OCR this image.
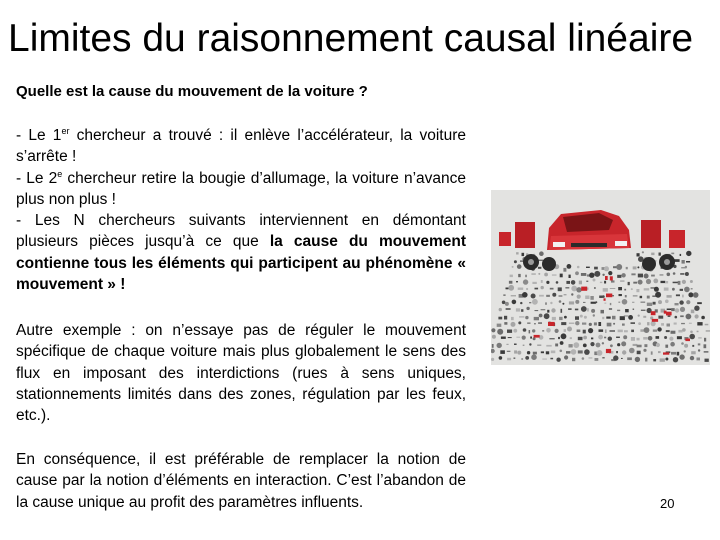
Limites du raisonnement causal linéaire

Quelle est la cause du mouvement de la voiture ?

- Le 1er chercheur a trouvé : il enlève l’accélérateur, la voiture s’arrête !
- Le 2e chercheur retire la bougie d’allumage, la voiture n’avance plus non plus !
- Les N chercheurs suivants interviennent en démontant plusieurs pièces jusqu’à ce que la cause du mouvement contienne tous les éléments qui participent au phénomène « mouvement » !

Autre exemple : on n’essaye pas de réguler le mouvement spécifique de chaque voiture mais plus globalement le sens des flux en imposant des interdictions (rues à sens uniques, stationnements limités dans des zones, régulation par les feux, etc.).

En conséquence, il est préférable de remplacer la notion de cause par la notion d’éléments en interaction. C’est l’abandon de la cause unique au profit des paramètres influents.	20
